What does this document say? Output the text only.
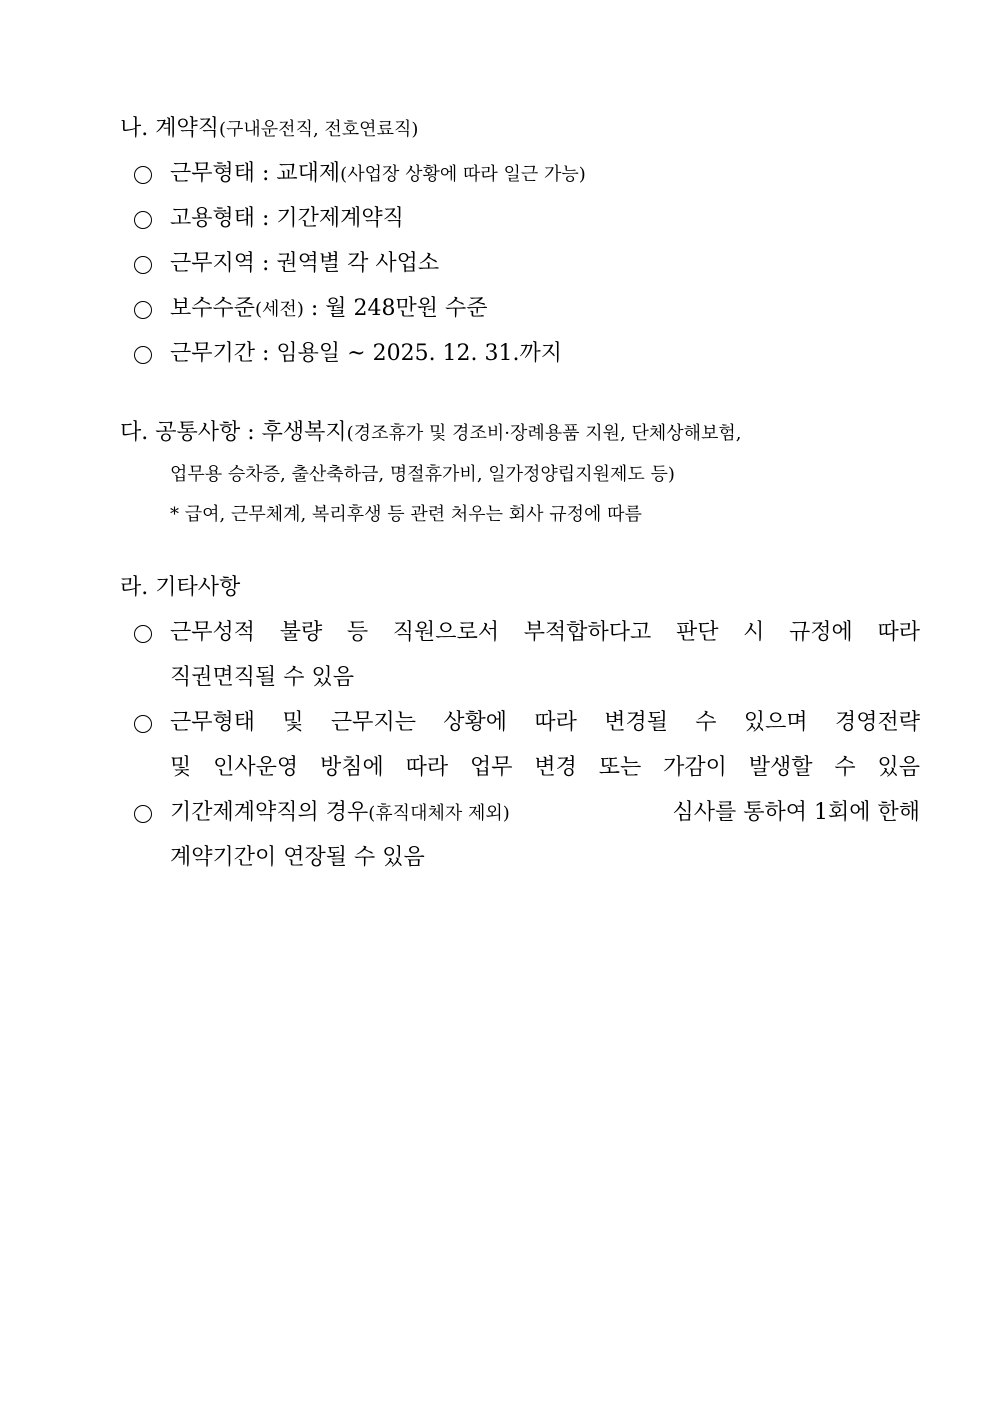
나. 계약직(구내운전직, 전호연료직)
근무형태 : 교대제(사업장 상황에 따라 일근 가능)
고용형태 : 기간제계약직
근무지역 : 권역별 각 사업소
보수수준(세전) : 월 248만원 수준
근무기간 : 임용일 ~ 2025. 12. 31.까지
다. 공통사항 : 후생복지(경조휴가 및 경조비·장례용품 지원, 단체상해보험,
업무용 승차증, 출산축하금, 명절휴가비, 일가정양립지원제도 등)
* 급여, 근무체계, 복리후생 등 관련 처우는 회사 규정에 따름
라. 기타사항
근무성적 불량 등 직원으로서 부적합하다고 판단 시 규정에 따라
직권면직될 수 있음
근무형태 및 근무지는 상황에 따라 변경될 수 있으며 경영전략
및 인사운영 방침에 따라 업무 변경 또는 가감이 발생할 수 있음
기간제계약직의 경우(휴직대체자 제외)	심사를 통하여 1회에 한해
계약기간이 연장될 수 있음
